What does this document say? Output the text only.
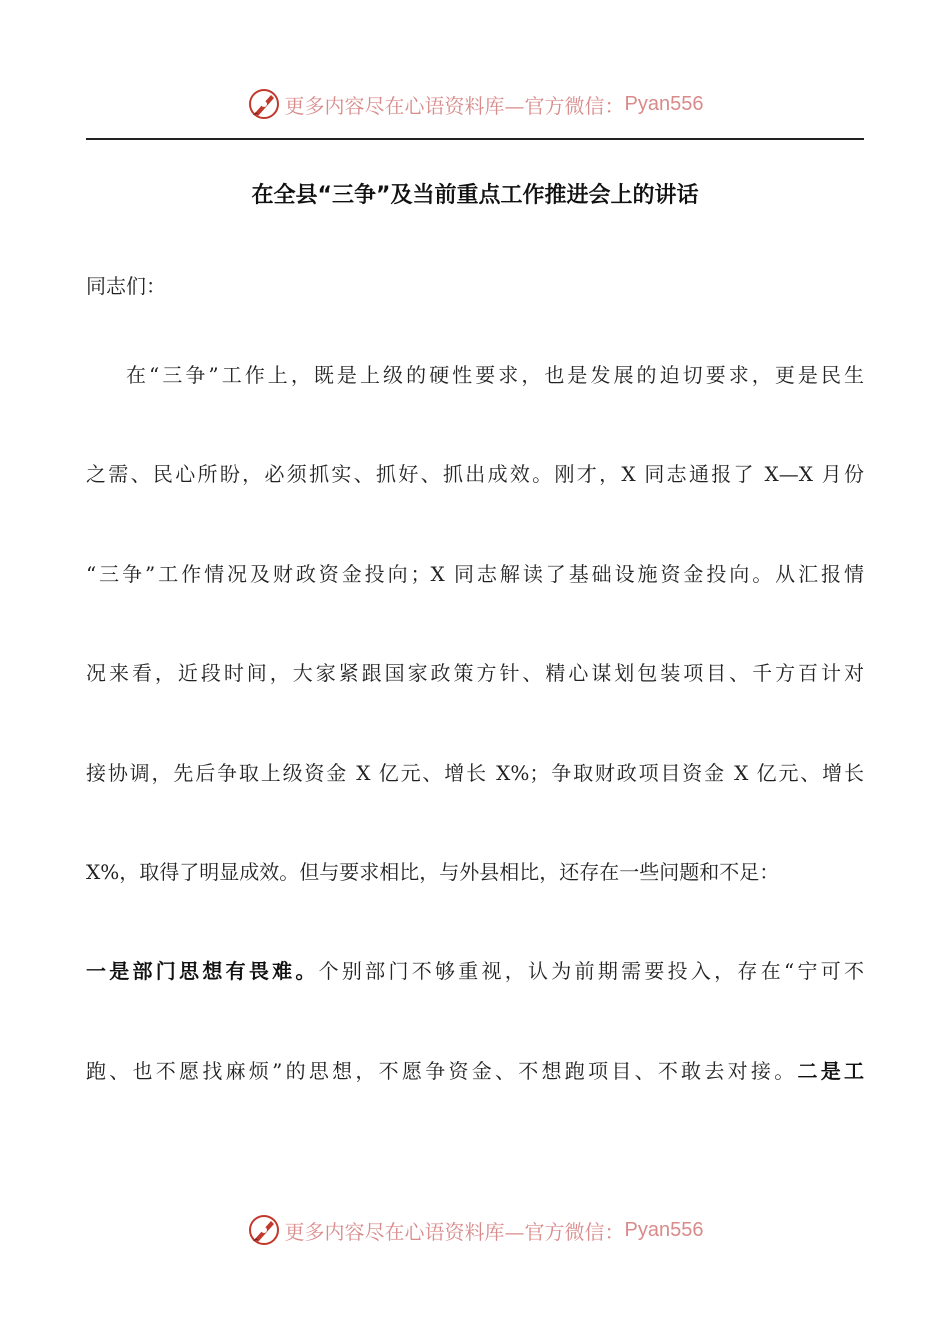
更多内容尽在心语资料库—官方微信： Pyan556
在全县“三争”及当前重点工作推进会上的讲话
同志们：
在“三争”工作上，既是上级的硬性要求，也是发展的迫切要求，更是民生
之需、民心所盼，必须抓实、抓好、抓出成效。刚才，X 同志通报了 X—X 月份
“三争”工作情况及财政资金投向；X 同志解读了基础设施资金投向。从汇报情
况来看，近段时间，大家紧跟国家政策方针、精心谋划包装项目、千方百计对
接协调，先后争取上级资金 X 亿元、增长 X%；争取财政项目资金 X 亿元、增长
X%，取得了明显成效。但与要求相比，与外县相比，还存在一些问题和不足：
一是部门思想有畏难。个别部门不够重视，认为前期需要投入，存在“宁可不
跑、也不愿找麻烦”的思想，不愿争资金、不想跑项目、不敢去对接。二是工
更多内容尽在心语资料库—官方微信： Pyan556
